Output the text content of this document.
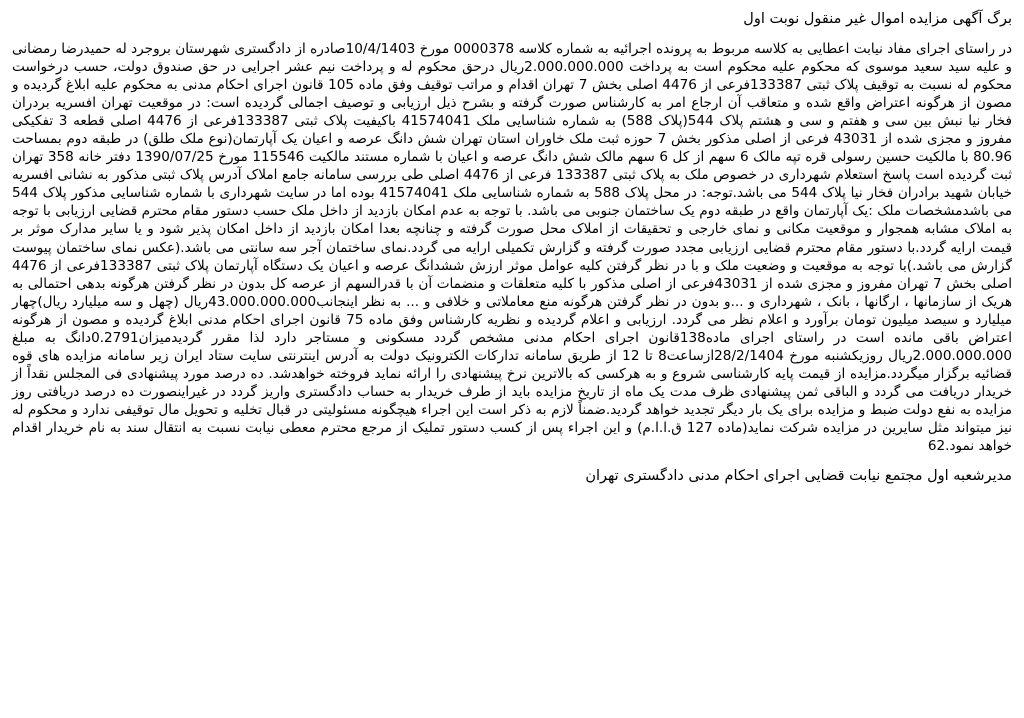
برگ آگهی مزایده اموال غیر منقول نوبت اول

در راستای اجرای مفاد نیابت اعطایی به کلاسه مربوط به پرونده اجرائیه به شماره کلاسه 0000378 مورخ 10/4/1403صادره از دادگستری شهرستان بروجرد له حمیدرضا رمضانی و علیه سید سعید موسوی که محکوم علیه محکوم است به پرداخت 2.000.000.000ریال درحق محکوم له و پرداخت نیم عشر اجرایی در حق صندوق دولت، حسب درخواست محکوم له نسبت به توقیف پلاک ثبتی 133387فرعی از 4476 اصلی بخش 7 تهران اقدام و مراتب توقیف وفق ماده 105 قانون اجرای احکام مدنی به محکوم علیه ابلاغ گردیده و مصون از هرگونه اعتراض واقع شده و متعاقب آن ارجاع امر به کارشناس صورت گرفته و بشرح ذیل ارزیابی و توصیف اجمالی گردیده است: در موقعیت تهران افسریه بردران فخار نیا نبش بین سی و هفتم و سی و هشتم پلاک 544(پلاک 588) به شماره شناسایی ملک 41574041 باکیفیت پلاک ثبتی 133387فرعی از 4476 اصلی قطعه 3 تفکیکی مفروز و مجزی شده از 43031 فرعی از اصلی مذکور بخش 7 حوزه ثبت ملک خاوران استان تهران شش دانگ عرصه و اعیان یک آپارتمان(نوع ملک طلق) در طبقه دوم بمساحت 80.96 با مالکیت حسین رسولی قره تپه مالک 6 سهم از کل 6 سهم مالک شش دانگ عرصه و اعیان با شماره مستند مالکیت 115546 مورخ 1390/07/25 دفتر خانه 358 تهران ثبت گردیده است پاسخ استعلام شهرداری در خصوص ملک به پلاک ثبتی 133387 فرعی از 4476 اصلی طی بررسی سامانه جامع املاک آدرس پلاک ثبتی مذکور به نشانی افسریه خیابان شهید برادران فخار نیا پلاک 544 می باشد.توجه: در محل پلاک 588 به شماره شناسایی ملک 41574041 بوده اما در سایت شهرداری با شماره شناسایی مذکور پلاک 544 می باشدمشخصات ملک :یک آپارتمان واقع در طبقه دوم یک ساختمان جنوبی می باشد. با توجه به عدم امکان بازدید از داخل ملک حسب دستور مقام محترم قضایی ارزیابی با توجه به املاک مشابه همجوار و موقعیت مکانی و نمای خارجی و تحقیقات از املاک محل صورت گرفته و چنانچه بعدا امکان بازدید از داخل امکان پذیر شود و یا سایر مدارک موثر بر قیمت ارایه گردد.با دستور مقام محترم قضایی ارزیابی مجدد صورت گرفته و گزارش تکمیلی ارایه می گردد.نمای ساختمان آجر سه سانتی می باشد.(عکس نمای ساختمان پیوست گزارش می باشد.)با توجه به موقعیت و وضعیت ملک و با در نظر گرفتن کلیه عوامل موثر ارزش ششدانگ عرصه و اعیان یک دستگاه آپارتمان پلاک ثبتی 133387فرعی از 4476 اصلی بخش 7 تهران مفروز و مجزی شده از 43031فرعی از اصلی مذکور با کلیه متعلقات و منضمات آن با قدرالسهم از عرصه کل بدون در نظر گرفتن هرگونه بدهی احتمالی به هریک از سازمانها ، ارگانها ، بانک ، شهرداری و ...و بدون در نظر گرفتن هرگونه منع معاملاتی و خلافی و ... به نظر اینجانب43.000.000.000ریال (چهل و سه میلیارد ریال)چهار میلیارد و سیصد میلیون تومان برآورد و اعلام نظر می گردد. ارزیابی و اعلام گردیده و نظریه کارشناس وفق ماده 75 قانون اجرای احکام مدنی ابلاغ گردیده و مصون از هرگونه اعتراض باقی مانده است در راستای اجرای ماده138قانون اجرای احکام مدنی مشخص گردد مسکونی و مستاجر دارد لذا مقرر گردیدمیزان0.2791دانگ به مبلغ 2.000.000.000ریال روزیکشنبه مورخ 28/2/1404ازساعت8 تا 12 از طریق سامانه تدارکات الکترونیک دولت به آدرس اینترنتی سایت ستاد ایران زیر سامانه مزایده های قوه قضائیه برگزار میگردد.مزایده از قیمت پایه کارشناسی شروع و به هرکسی که بالاترین نرخ پیشنهادی را ارائه نماید فروخته خواهدشد. ده درصد مورد پیشنهادی فی المجلس نقداً از خریدار دریافت می گردد و الباقی ثمن پیشنهادی ظرف مدت یک ماه از تاریخ مزایده باید از طرف خریدار به حساب دادگستری واریز گردد در غیراینصورت ده درصد دریافتی روز مزایده به نفع دولت ضبط و مزایده برای یک بار دیگر تجدید خواهد گردید.ضمناً لازم به ذکر است این اجراء هیچگونه مسئولیتی در قبال تخلیه و تحویل مال توقیفی ندارد و محکوم له نیز میتواند مثل سایرین در مزایده شرکت نماید(ماده 127 ق.ا.ا.م) و این اجراء پس از کسب دستور تملیک از مرجع محترم معطی نیابت نسبت به انتقال سند به نام خریدار اقدام خواهد نمود.62

مدیرشعبه اول مجتمع نیابت قضایی اجرای احکام مدنی دادگستری تهران
